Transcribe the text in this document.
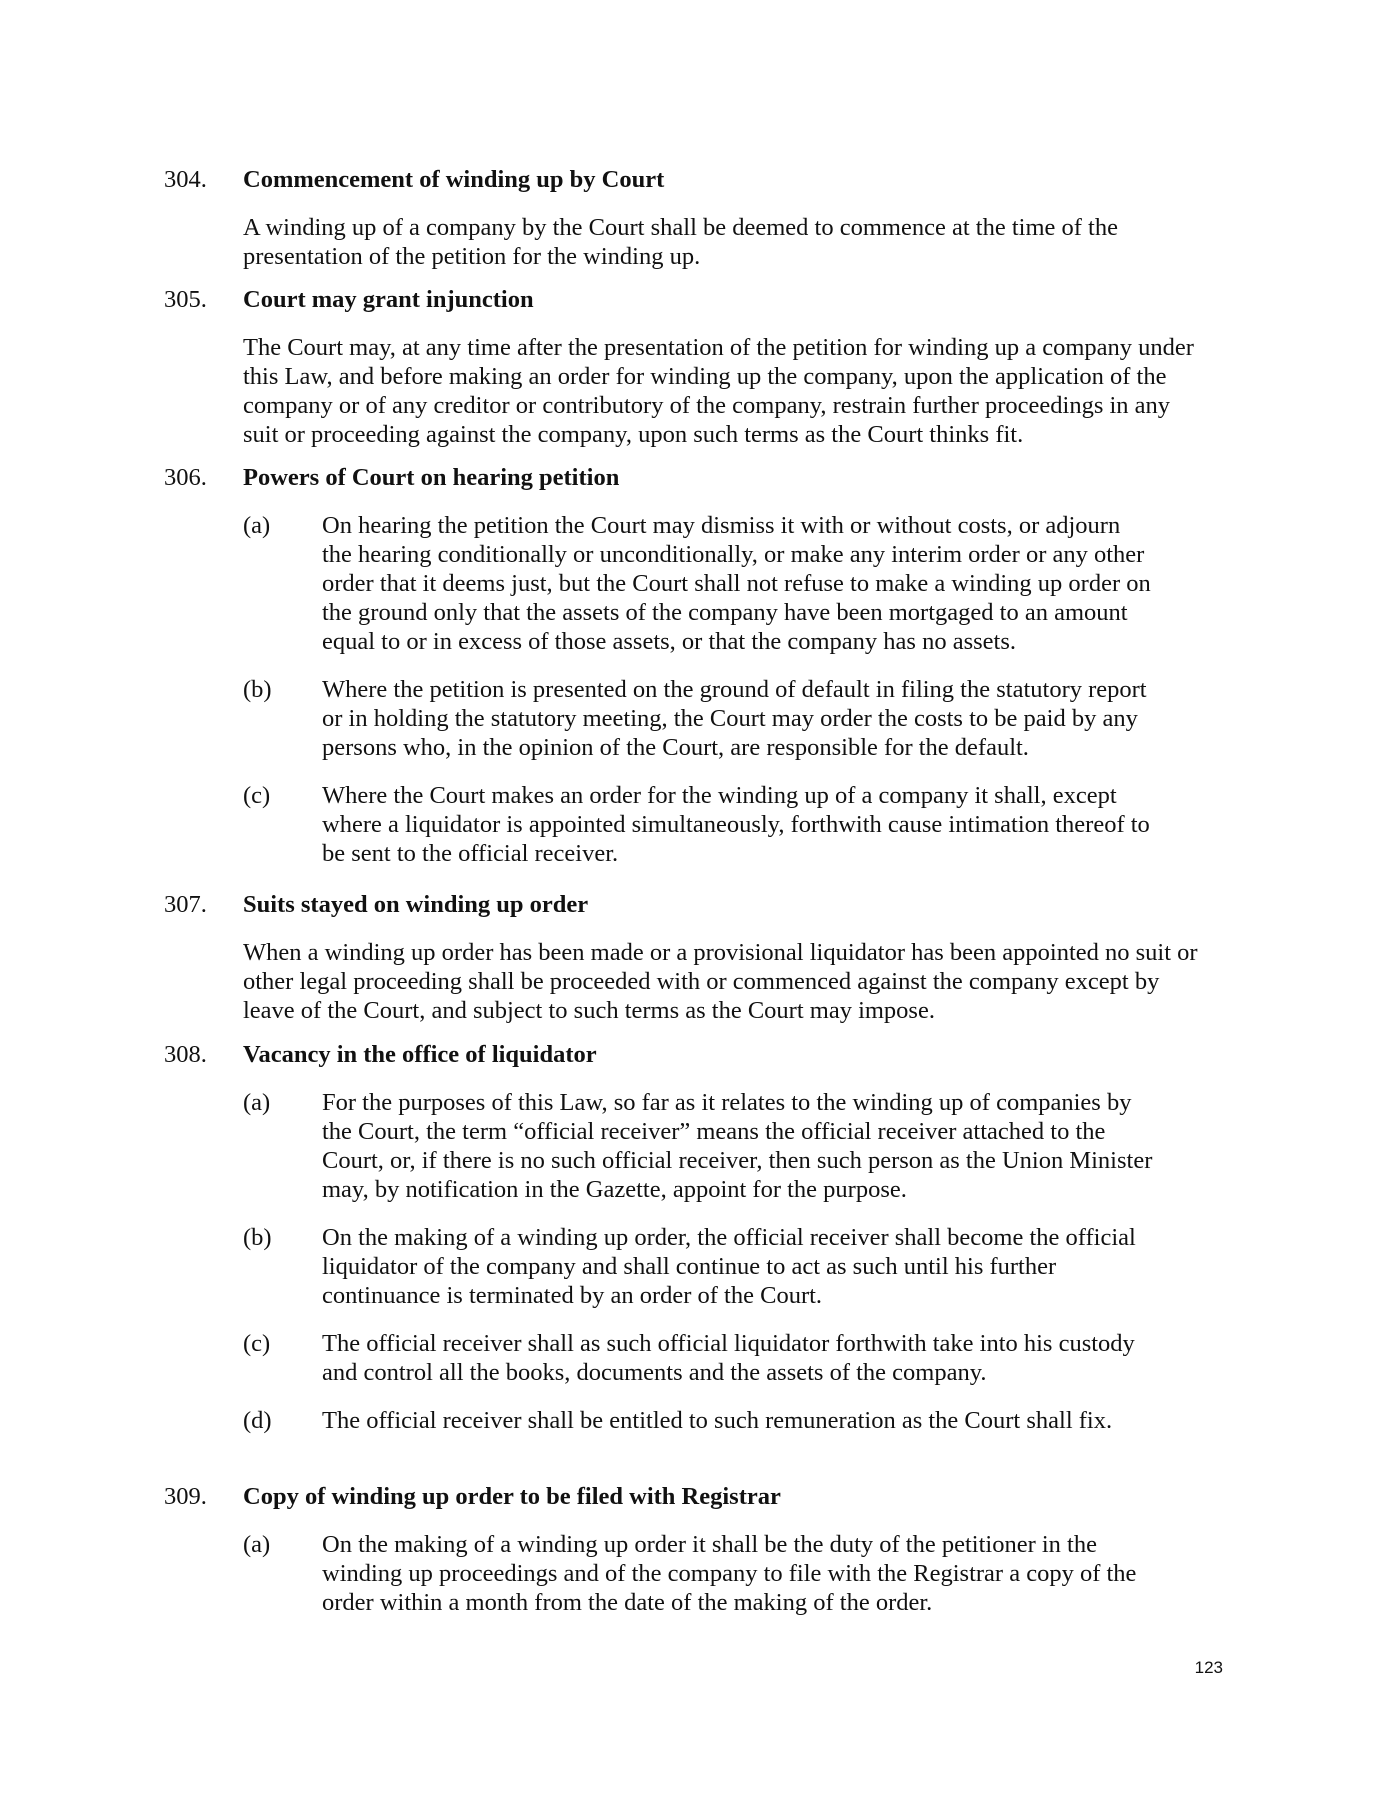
304.	Commencement of winding up by Court
A winding up of a company by the Court shall be deemed to commence at the time of the presentation of the petition for the winding up.
305.	Court may grant injunction
The Court may, at any time after the presentation of the petition for winding up a company under this Law, and before making an order for winding up the company, upon the application of the company or of any creditor or contributory of the company, restrain further proceedings in any suit or proceeding against the company, upon such terms as the Court thinks fit.
306.	Powers of Court on hearing petition
(a)	On hearing the petition the Court may dismiss it with or without costs, or adjourn the hearing conditionally or unconditionally, or make any interim order or any other order that it deems just, but the Court shall not refuse to make a winding up order on the ground only that the assets of the company have been mortgaged to an amount equal to or in excess of those assets, or that the company has no assets.
(b)	Where the petition is presented on the ground of default in filing the statutory report or in holding the statutory meeting, the Court may order the costs to be paid by any persons who, in the opinion of the Court, are responsible for the default.
(c)	Where the Court makes an order for the winding up of a company it shall, except where a liquidator is appointed simultaneously, forthwith cause intimation thereof to be sent to the official receiver.
307.	Suits stayed on winding up order
When a winding up order has been made or a provisional liquidator has been appointed no suit or other legal proceeding shall be proceeded with or commenced against the company except by leave of the Court, and subject to such terms as the Court may impose.
308.	Vacancy in the office of liquidator
(a)	For the purposes of this Law, so far as it relates to the winding up of companies by the Court, the term “official receiver” means the official receiver attached to the Court, or, if there is no such official receiver, then such person as the Union Minister may, by notification in the Gazette, appoint for the purpose.
(b)	On the making of a winding up order, the official receiver shall become the official liquidator of the company and shall continue to act as such until his further continuance is terminated by an order of the Court.
(c)	The official receiver shall as such official liquidator forthwith take into his custody and control all the books, documents and the assets of the company.
(d)	The official receiver shall be entitled to such remuneration as the Court shall fix.
309.	Copy of winding up order to be filed with Registrar
(a)	On the making of a winding up order it shall be the duty of the petitioner in the winding up proceedings and of the company to file with the Registrar a copy of the order within a month from the date of the making of the order.
123
